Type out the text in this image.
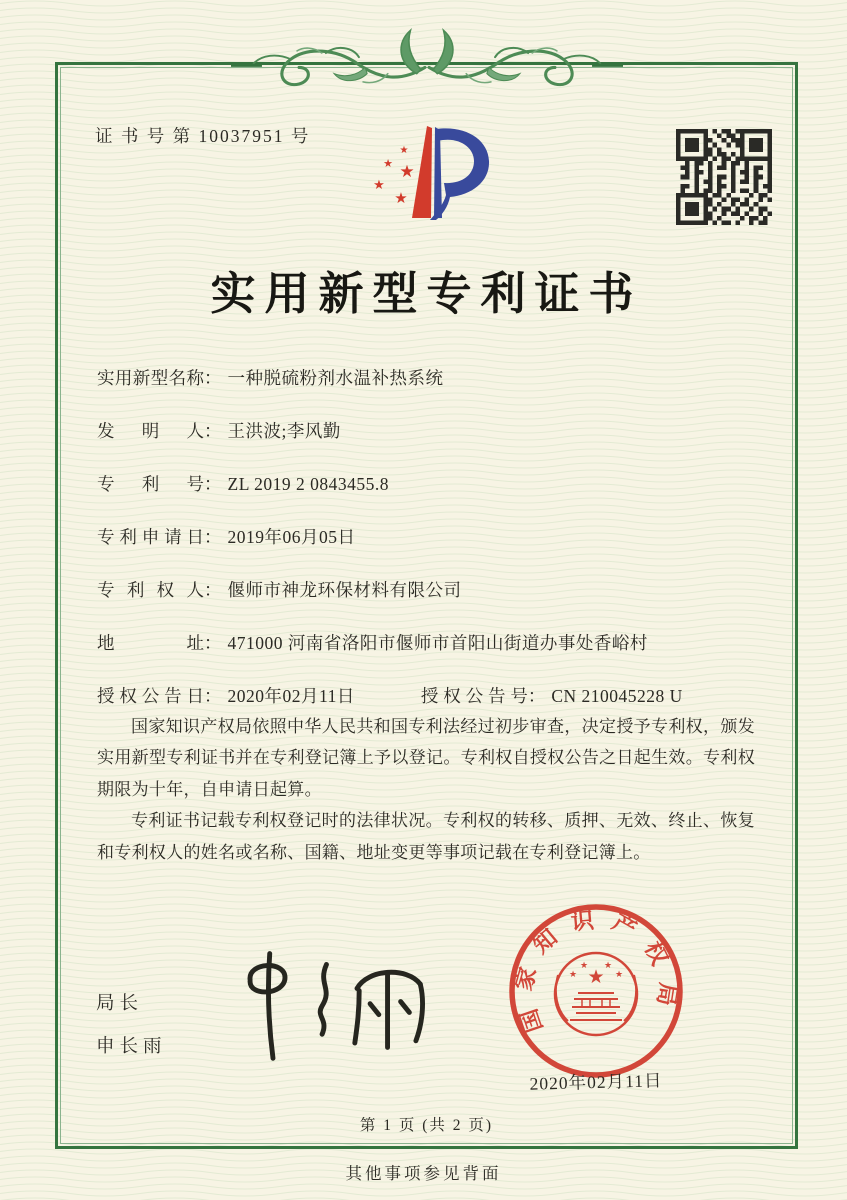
证 书 号 第 10037951 号
★
★ ★
★
★
实用新型专利证书
实用新型名称： 一种脱硫粉剂水温补热系统
发明人： 王洪波;李风勤
专利号： ZL 2019 2 0843455.8
专利申请日： 2019年06月05日
专利权人： 偃师市神龙环保材料有限公司
地址： 471000 河南省洛阳市偃师市首阳山街道办事处香峪村
授权公告日： 2020年02月11日	授权公告号： CN 210045228 U

国家知识产权局依照中华人民共和国专利法经过初步审查，决定授予专利权，颁发实用新型专利证书并在专利登记簿上予以登记。专利权自授权公告之日起生效。专利权期限为十年，自申请日起算。

专利证书记载专利权登记时的法律状况。专利权的转移、质押、无效、终止、恢复和专利权人的姓名或名称、国籍、地址变更等事项记载在专利登记簿上。

局长
申长雨
国家知识产权局
★
★
★ ★
★
2020年02月11日
第 1 页 (共 2 页)
其他事项参见背面
